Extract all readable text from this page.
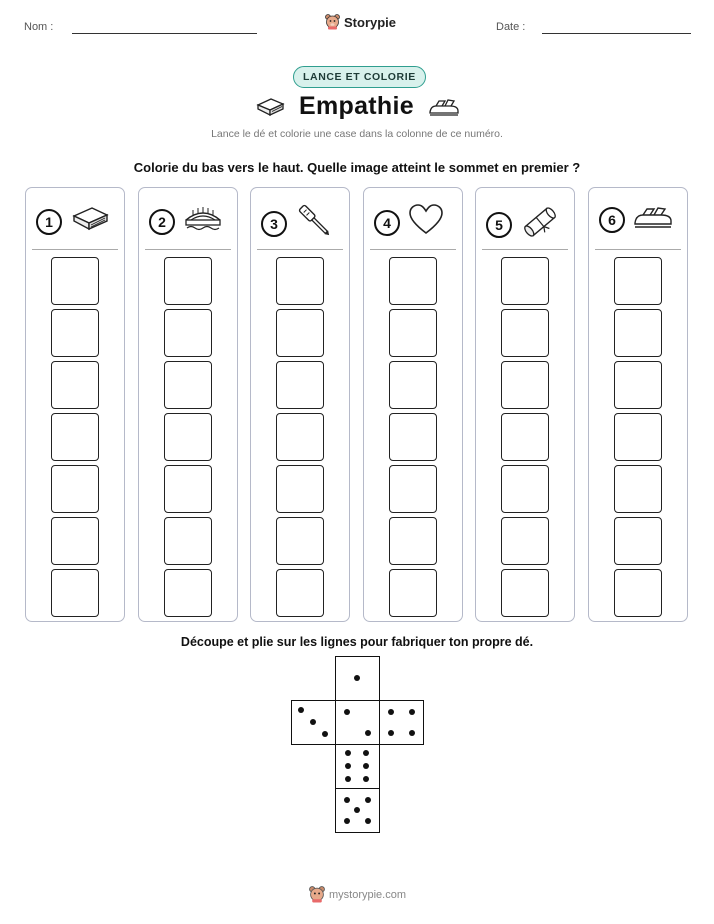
Nom :	Storypie	Date :
LANCE ET COLORIE
Empathie
Lance le dé et colorie une case dans la colonne de ce numéro.
Colorie du bas vers le haut. Quelle image atteint le sommet en premier ?
1	2	3	4	5	6
Découpe et plie sur les lignes pour fabriquer ton propre dé.
mystorypie.com
